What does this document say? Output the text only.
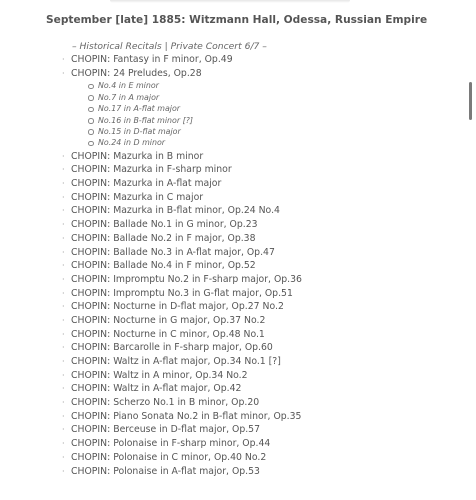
September [late] 1885: Witzmann Hall, Odessa, Russian Empire
– Historical Recitals | Private Concert 6/7 –
· CHOPIN: Fantasy in F minor, Op.49
· CHOPIN: 24 Preludes, Op.28
No.4 in E minor
No.7 in A major
No.17 in A-flat major
No.16 in B-flat minor [?]
No.15 in D-flat major
No.24 in D minor
· CHOPIN: Mazurka in B minor
· CHOPIN: Mazurka in F-sharp minor
· CHOPIN: Mazurka in A-flat major
· CHOPIN: Mazurka in C major
· CHOPIN: Mazurka in B-flat minor, Op.24 No.4
· CHOPIN: Ballade No.1 in G minor, Op.23
· CHOPIN: Ballade No.2 in F major, Op.38
· CHOPIN: Ballade No.3 in A-flat major, Op.47
· CHOPIN: Ballade No.4 in F minor, Op.52
· CHOPIN: Impromptu No.2 in F-sharp major, Op.36
· CHOPIN: Impromptu No.3 in G-flat major, Op.51
· CHOPIN: Nocturne in D-flat major, Op.27 No.2
· CHOPIN: Nocturne in G major, Op.37 No.2
· CHOPIN: Nocturne in C minor, Op.48 No.1
· CHOPIN: Barcarolle in F-sharp major, Op.60
· CHOPIN: Waltz in A-flat major, Op.34 No.1 [?]
· CHOPIN: Waltz in A minor, Op.34 No.2
· CHOPIN: Waltz in A-flat major, Op.42
· CHOPIN: Scherzo No.1 in B minor, Op.20
· CHOPIN: Piano Sonata No.2 in B-flat minor, Op.35
· CHOPIN: Berceuse in D-flat major, Op.57
· CHOPIN: Polonaise in F-sharp minor, Op.44
· CHOPIN: Polonaise in C minor, Op.40 No.2
· CHOPIN: Polonaise in A-flat major, Op.53
